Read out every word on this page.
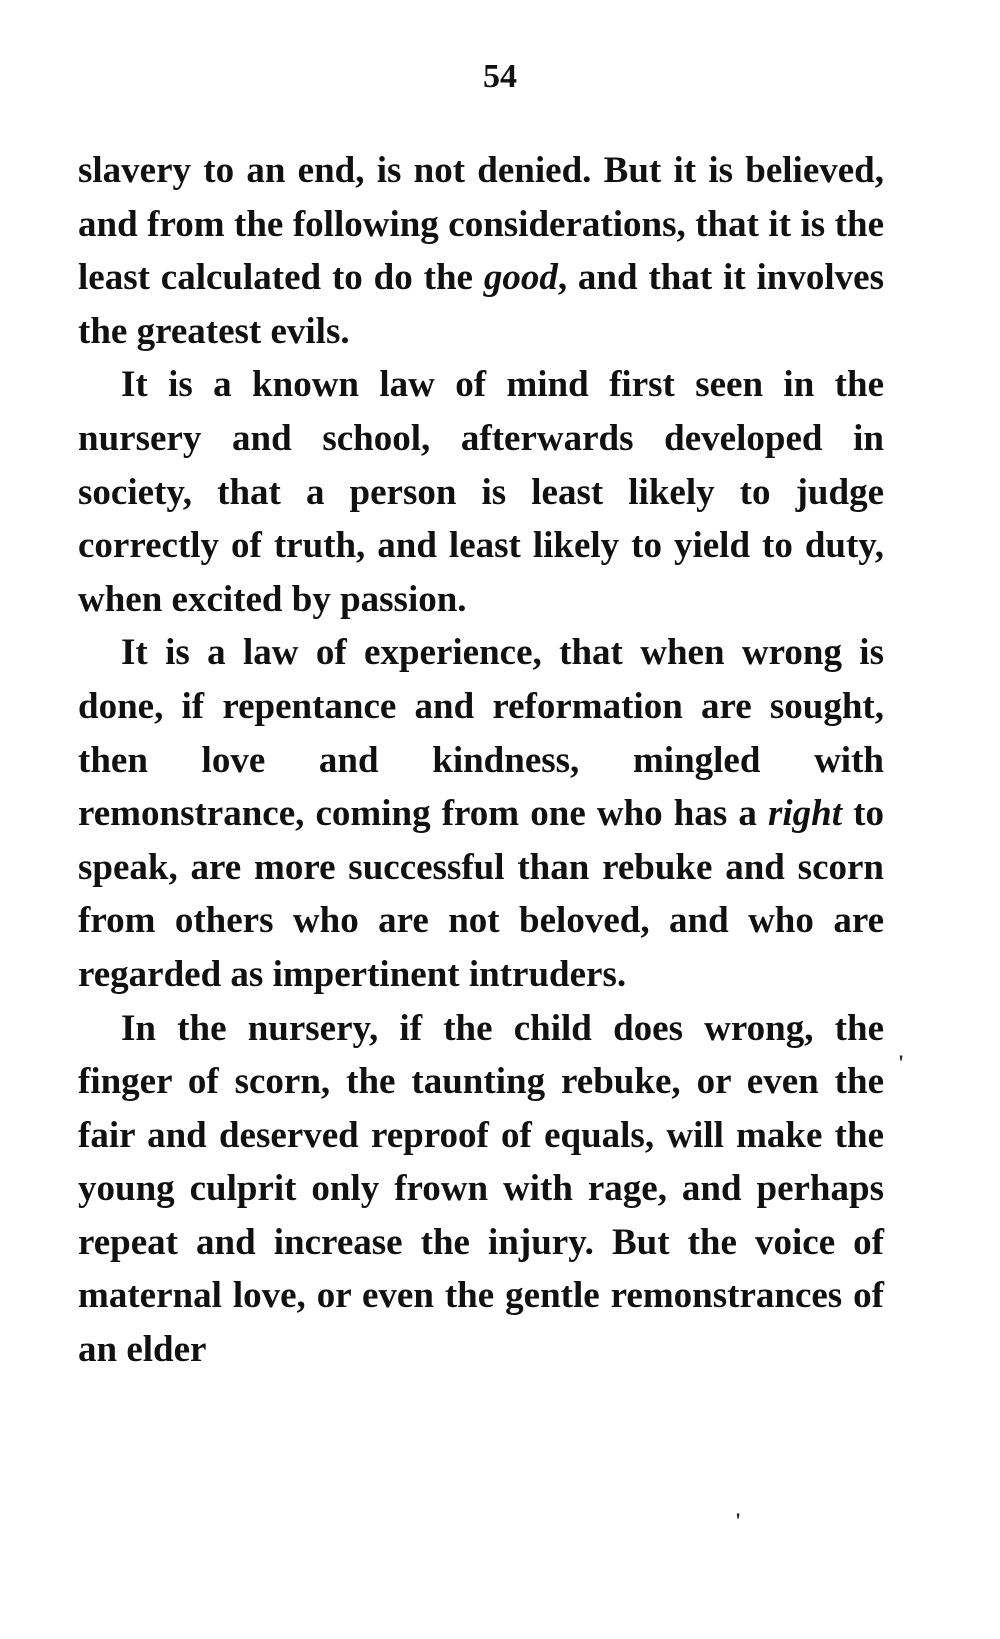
54

slavery to an end, is not denied. But it is believed, and from the following considerations, that it is the least calculated to do the good, and that it involves the greatest evils.

It is a known law of mind first seen in the nursery and school, afterwards developed in society, that a person is least likely to judge correctly of truth, and least likely to yield to duty, when excited by passion.

It is a law of experience, that when wrong is done, if repentance and reformation are sought, then love and kindness, mingled with remonstrance, coming from one who has a right to speak, are more successful than rebuke and scorn from others who are not beloved, and who are regarded as impertinent intruders.

In the nursery, if the child does wrong, the finger of scorn, the taunting rebuke, or even the fair and deserved reproof of equals, will make the young culprit only frown with rage, and perhaps repeat and increase the injury. But the voice of maternal love, or even the gentle remonstrances of an elder

'
'
